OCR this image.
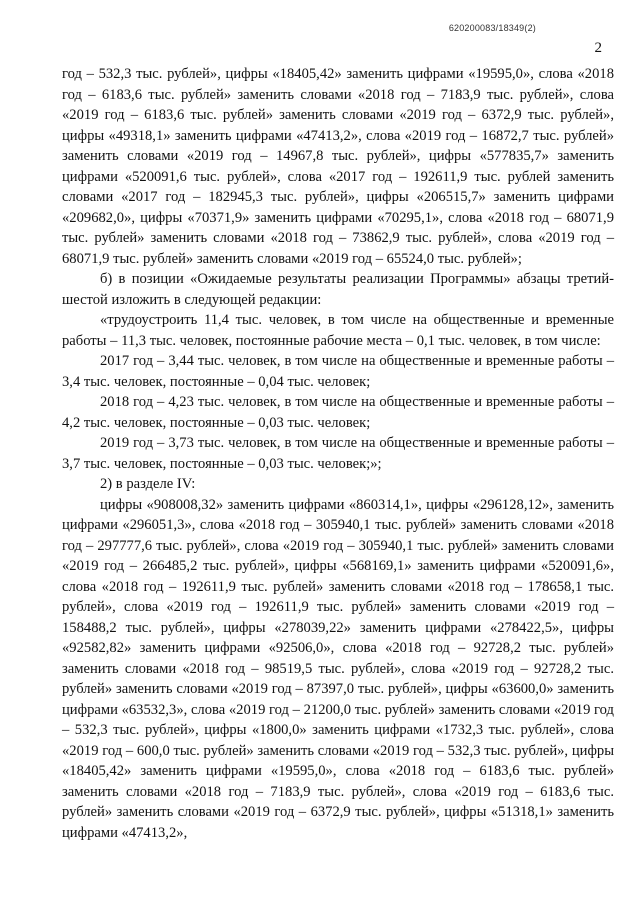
620200083/18349(2)
2

год – 532,3 тыс. рублей», цифры «18405,42» заменить цифрами «19595,0», слова «2018 год – 6183,6 тыс. рублей» заменить словами «2018 год – 7183,9 тыс. рублей», слова «2019 год – 6183,6 тыс. рублей» заменить словами «2019 год – 6372,9 тыс. рублей», цифры «49318,1» заменить цифрами «47413,2», слова «2019 год – 16872,7 тыс. рублей» заменить словами «2019 год – 14967,8 тыс. рублей», цифры «577835,7» заменить цифрами «520091,6 тыс. рублей», слова «2017 год – 192611,9 тыс. рублей заменить словами «2017 год – 182945,3 тыс. рублей», цифры «206515,7» заменить цифрами «209682,0», цифры «70371,9» заменить цифрами «70295,1», слова «2018 год – 68071,9 тыс. рублей» заменить словами «2018 год – 73862,9 тыс. рублей», слова «2019 год – 68071,9 тыс. рублей» заменить словами «2019 год – 65524,0 тыс. рублей»;

б) в позиции «Ожидаемые результаты реализации Программы» абзацы третий-шестой изложить в следующей редакции:

«трудоустроить 11,4 тыс. человек, в том числе на общественные и временные работы – 11,3 тыс. человек, постоянные рабочие места – 0,1 тыс. человек, в том числе:

2017 год – 3,44 тыс. человек, в том числе на общественные и временные работы – 3,4 тыс. человек, постоянные – 0,04 тыс. человек;

2018 год – 4,23 тыс. человек, в том числе на общественные и временные работы – 4,2 тыс. человек, постоянные – 0,03 тыс. человек;

2019 год – 3,73 тыс. человек, в том числе на общественные и временные работы – 3,7 тыс. человек, постоянные – 0,03 тыс. человек;»;

2) в разделе IV:

цифры «908008,32» заменить цифрами «860314,1», цифры «296128,12», заменить цифрами «296051,3», слова «2018 год – 305940,1 тыс. рублей» заменить словами «2018 год – 297777,6 тыс. рублей», слова «2019 год – 305940,1 тыс. рублей» заменить словами «2019 год – 266485,2 тыс. рублей», цифры «568169,1» заменить цифрами «520091,6», слова «2018 год – 192611,9 тыс. рублей» заменить словами «2018 год – 178658,1 тыс. рублей», слова «2019 год – 192611,9 тыс. рублей» заменить словами «2019 год – 158488,2 тыс. рублей», цифры «278039,22» заменить цифрами «278422,5», цифры «92582,82» заменить цифрами «92506,0», слова «2018 год – 92728,2 тыс. рублей» заменить словами «2018 год – 98519,5 тыс. рублей», слова «2019 год – 92728,2 тыс. рублей» заменить словами «2019 год – 87397,0 тыс. рублей», цифры «63600,0» заменить цифрами «63532,3», слова «2019 год – 21200,0 тыс. рублей» заменить словами «2019 год – 532,3 тыс. рублей», цифры «1800,0» заменить цифрами «1732,3 тыс. рублей», слова «2019 год – 600,0 тыс. рублей» заменить словами «2019 год – 532,3 тыс. рублей», цифры «18405,42» заменить цифрами «19595,0», слова «2018 год – 6183,6 тыс. рублей» заменить словами «2018 год – 7183,9 тыс. рублей», слова «2019 год – 6183,6 тыс. рублей» заменить словами «2019 год – 6372,9 тыс. рублей», цифры «51318,1» заменить цифрами «47413,2»,
